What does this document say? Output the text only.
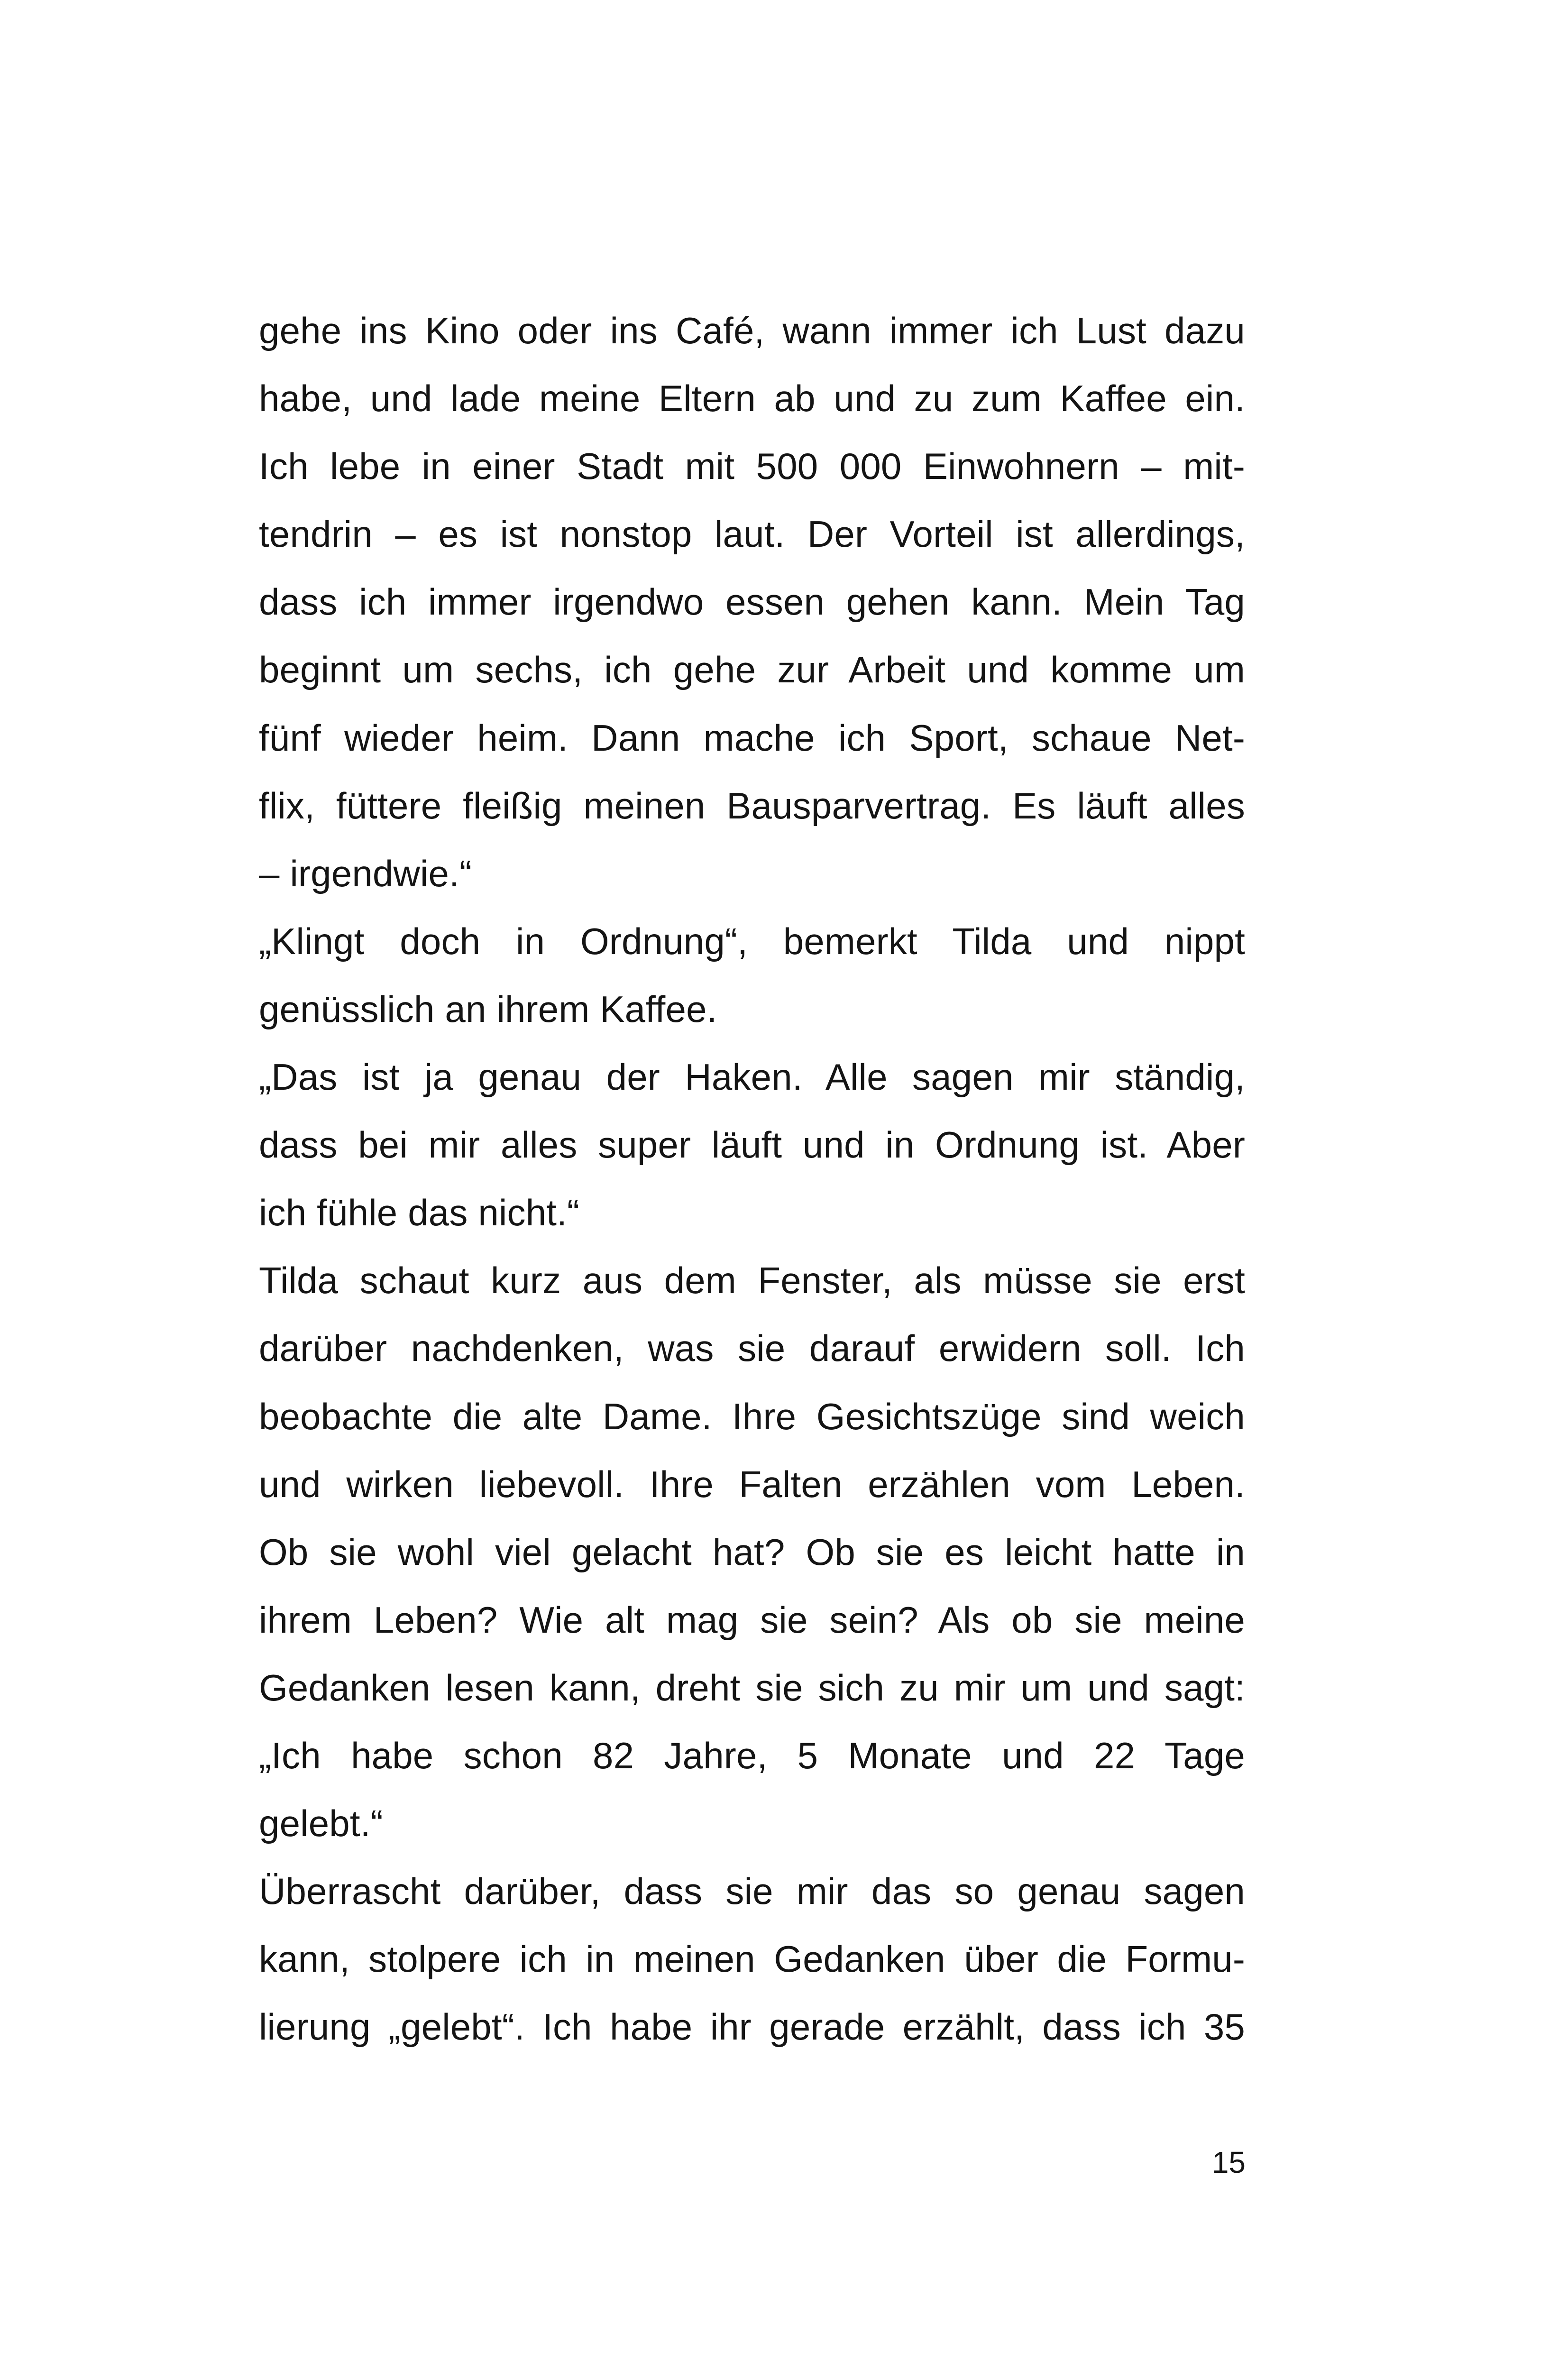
gehe ins Kino oder ins Café, wann immer ich Lust dazu
habe, und lade meine Eltern ab und zu zum Kaffee ein.
Ich lebe in einer Stadt mit 500 000 Einwohnern – mit-
tendrin – es ist nonstop laut. Der Vorteil ist allerdings,
dass ich immer irgendwo essen gehen kann. Mein Tag
beginnt um sechs, ich gehe zur Arbeit und komme um
fünf wieder heim. Dann mache ich Sport, schaue Net-
flix, füttere fleißig meinen Bausparvertrag. Es läuft alles
– irgendwie.“
„Klingt doch in Ordnung“, bemerkt Tilda und nippt
genüsslich an ihrem Kaffee.
„Das ist ja genau der Haken. Alle sagen mir ständig,
dass bei mir alles super läuft und in Ordnung ist. Aber
ich fühle das nicht.“
Tilda schaut kurz aus dem Fenster, als müsse sie erst
darüber nachdenken, was sie darauf erwidern soll. Ich
beobachte die alte Dame. Ihre Gesichtszüge sind weich
und wirken liebevoll. Ihre Falten erzählen vom Leben.
Ob sie wohl viel gelacht hat? Ob sie es leicht hatte in
ihrem Leben? Wie alt mag sie sein? Als ob sie meine
Gedanken lesen kann, dreht sie sich zu mir um und sagt:
„Ich habe schon 82 Jahre, 5 Monate und 22 Tage
gelebt.“
Überrascht darüber, dass sie mir das so genau sagen
kann, stolpere ich in meinen Gedanken über die Formu-
lierung „gelebt“. Ich habe ihr gerade erzählt, dass ich 35
15
